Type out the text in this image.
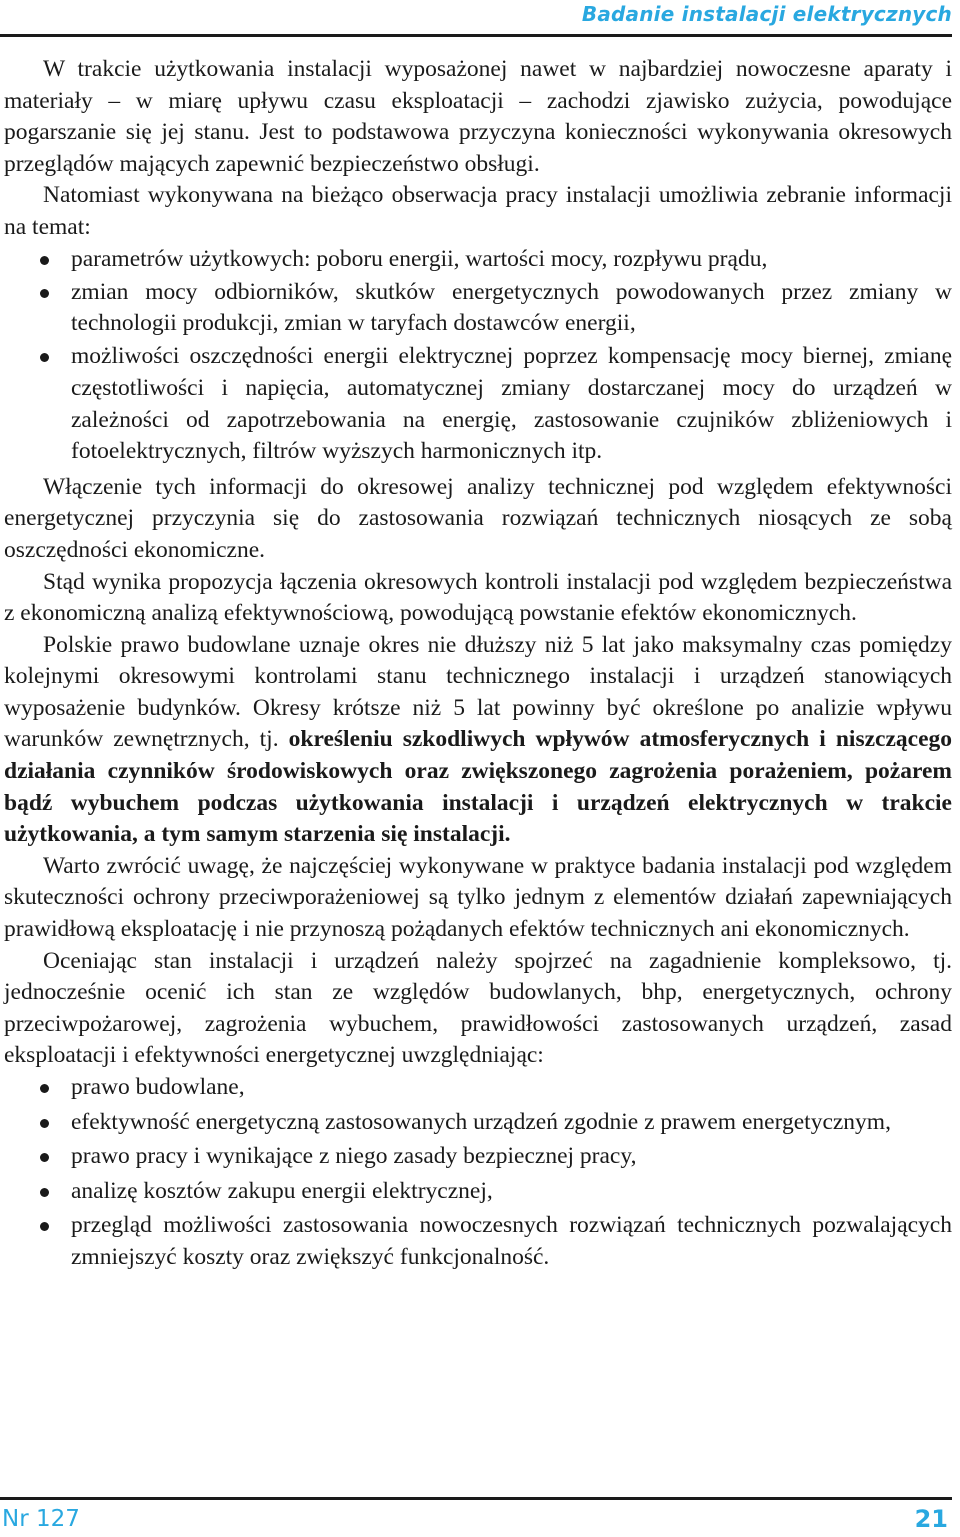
Badanie instalacji elektrycznych

W trakcie użytkowania instalacji wyposażonej nawet w najbardziej nowoczesne aparaty i materiały – w miarę upływu czasu eksploatacji – zachodzi zjawisko zużycia, powodujące pogarszanie się jej stanu. Jest to podstawowa przyczyna konieczności wykonywania okresowych przeglądów mających zapewnić bezpieczeństwo obsługi.

Natomiast wykonywana na bieżąco obserwacja pracy instalacji umożliwia zebranie informacji na temat:

parametrów użytkowych: poboru energii, wartości mocy, rozpływu prądu,
zmian mocy odbiorników, skutków energetycznych powodowanych przez zmiany w technologii produkcji, zmian w taryfach dostawców energii,
możliwości oszczędności energii elektrycznej poprzez kompensację mocy biernej, zmianę częstotliwości i napięcia, automatycznej zmiany dostarczanej mocy do urządzeń w zależności od zapotrzebowania na energię, zastosowanie czujników zbliżeniowych i fotoelektrycznych, filtrów wyższych harmonicznych itp.

Włączenie tych informacji do okresowej analizy technicznej pod względem efektywności energetycznej przyczynia się do zastosowania rozwiązań technicznych niosących ze sobą oszczędności ekonomiczne.

Stąd wynika propozycja łączenia okresowych kontroli instalacji pod względem bezpieczeństwa z ekonomiczną analizą efektywnościową, powodującą powstanie efektów ekonomicznych.

Polskie prawo budowlane uznaje okres nie dłuższy niż 5 lat jako maksymalny czas pomiędzy kolejnymi okresowymi kontrolami stanu technicznego instalacji i urządzeń stanowiących wyposażenie budynków. Okresy krótsze niż 5 lat powinny być określone po analizie wpływu warunków zewnętrznych, tj. określeniu szkodliwych wpływów atmosferycznych i niszczącego działania czynników środowiskowych oraz zwiększonego zagrożenia porażeniem, pożarem bądź wybuchem podczas użytkowania instalacji i urządzeń elektrycznych w trakcie użytkowania, a tym samym starzenia się instalacji.

Warto zwrócić uwagę, że najczęściej wykonywane w praktyce badania instalacji pod względem skuteczności ochrony przeciwporażeniowej są tylko jednym z elementów działań zapewniających prawidłową eksploatację i nie przynoszą pożądanych efektów technicznych ani ekonomicznych.

Oceniając stan instalacji i urządzeń należy spojrzeć na zagadnienie kompleksowo, tj. jednocześnie ocenić ich stan ze względów budowlanych, bhp, energetycznych, ochrony przeciwpożarowej, zagrożenia wybuchem, prawidłowości zastosowanych urządzeń, zasad eksploatacji i efektywności energetycznej uwzględniając:

prawo budowlane,
efektywność energetyczną zastosowanych urządzeń zgodnie z prawem energetycznym,
prawo pracy i wynikające z niego zasady bezpiecznej pracy,
analizę kosztów zakupu energii elektrycznej,
przegląd możliwości zastosowania nowoczesnych rozwiązań technicznych pozwalających zmniejszyć koszty oraz zwiększyć funkcjonalność.
Nr 127	21
